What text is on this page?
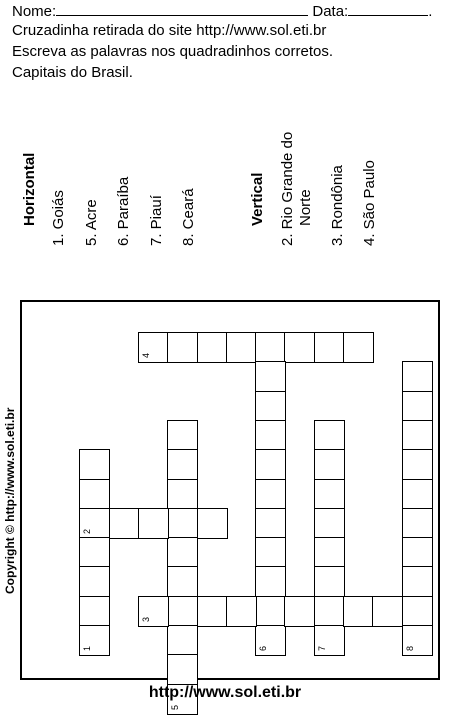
Nome:	Data:	.
Cruzadinha retirada do site http://www.sol.eti.br
Escreva as palavras nos quadradinhos corretos.
Capitais do Brasil.
Horizontal 1. Goiás 5. Acre 6. Paraíba 7. Piauí 8. Ceará	Vertical 2. Rio Grande do Norte 3. Rondônia 4. São Paulo
1
2
3
4
5
6	7	8
Copyright © http://www.sol.eti.br
http://www.sol.eti.br
